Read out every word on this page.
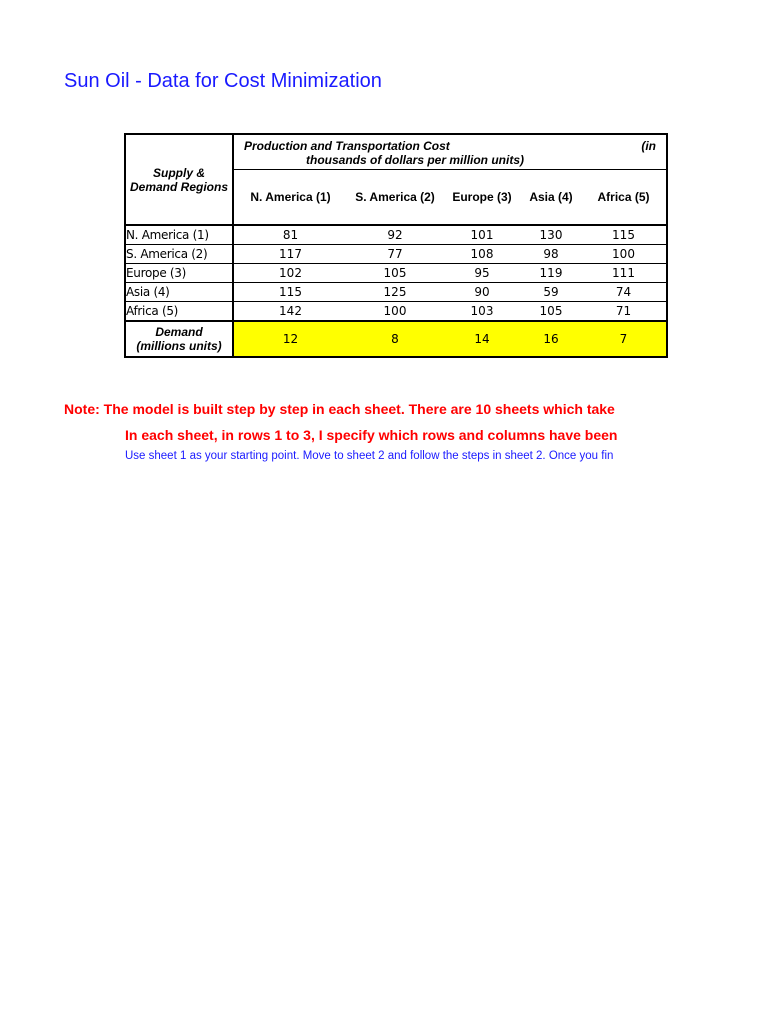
Sun Oil - Data for Cost Minimization
Supply &
Demand Regions	Production and Transportation Cost (in
thousands of dollars per million units)				

	N. America (1)	S. America (2)	Europe (3)	Asia (4)	Africa (5)
N. America (1)	81	92	101	130	115
S. America (2)	117	77	108	98	100
Europe (3)	102	105	95	119	111
Asia (4)	115	125	90	59	74
Africa (5)	142	100	103	105	71
Demand
(millions units)	12	8	14	16	7
Note: The model is built step by step in each sheet. There are 10 sheets which take
In each sheet, in rows 1 to 3, I specify which rows and columns have been
Use sheet 1 as your starting point. Move to sheet 2 and follow the steps in sheet 2. Once you fin
